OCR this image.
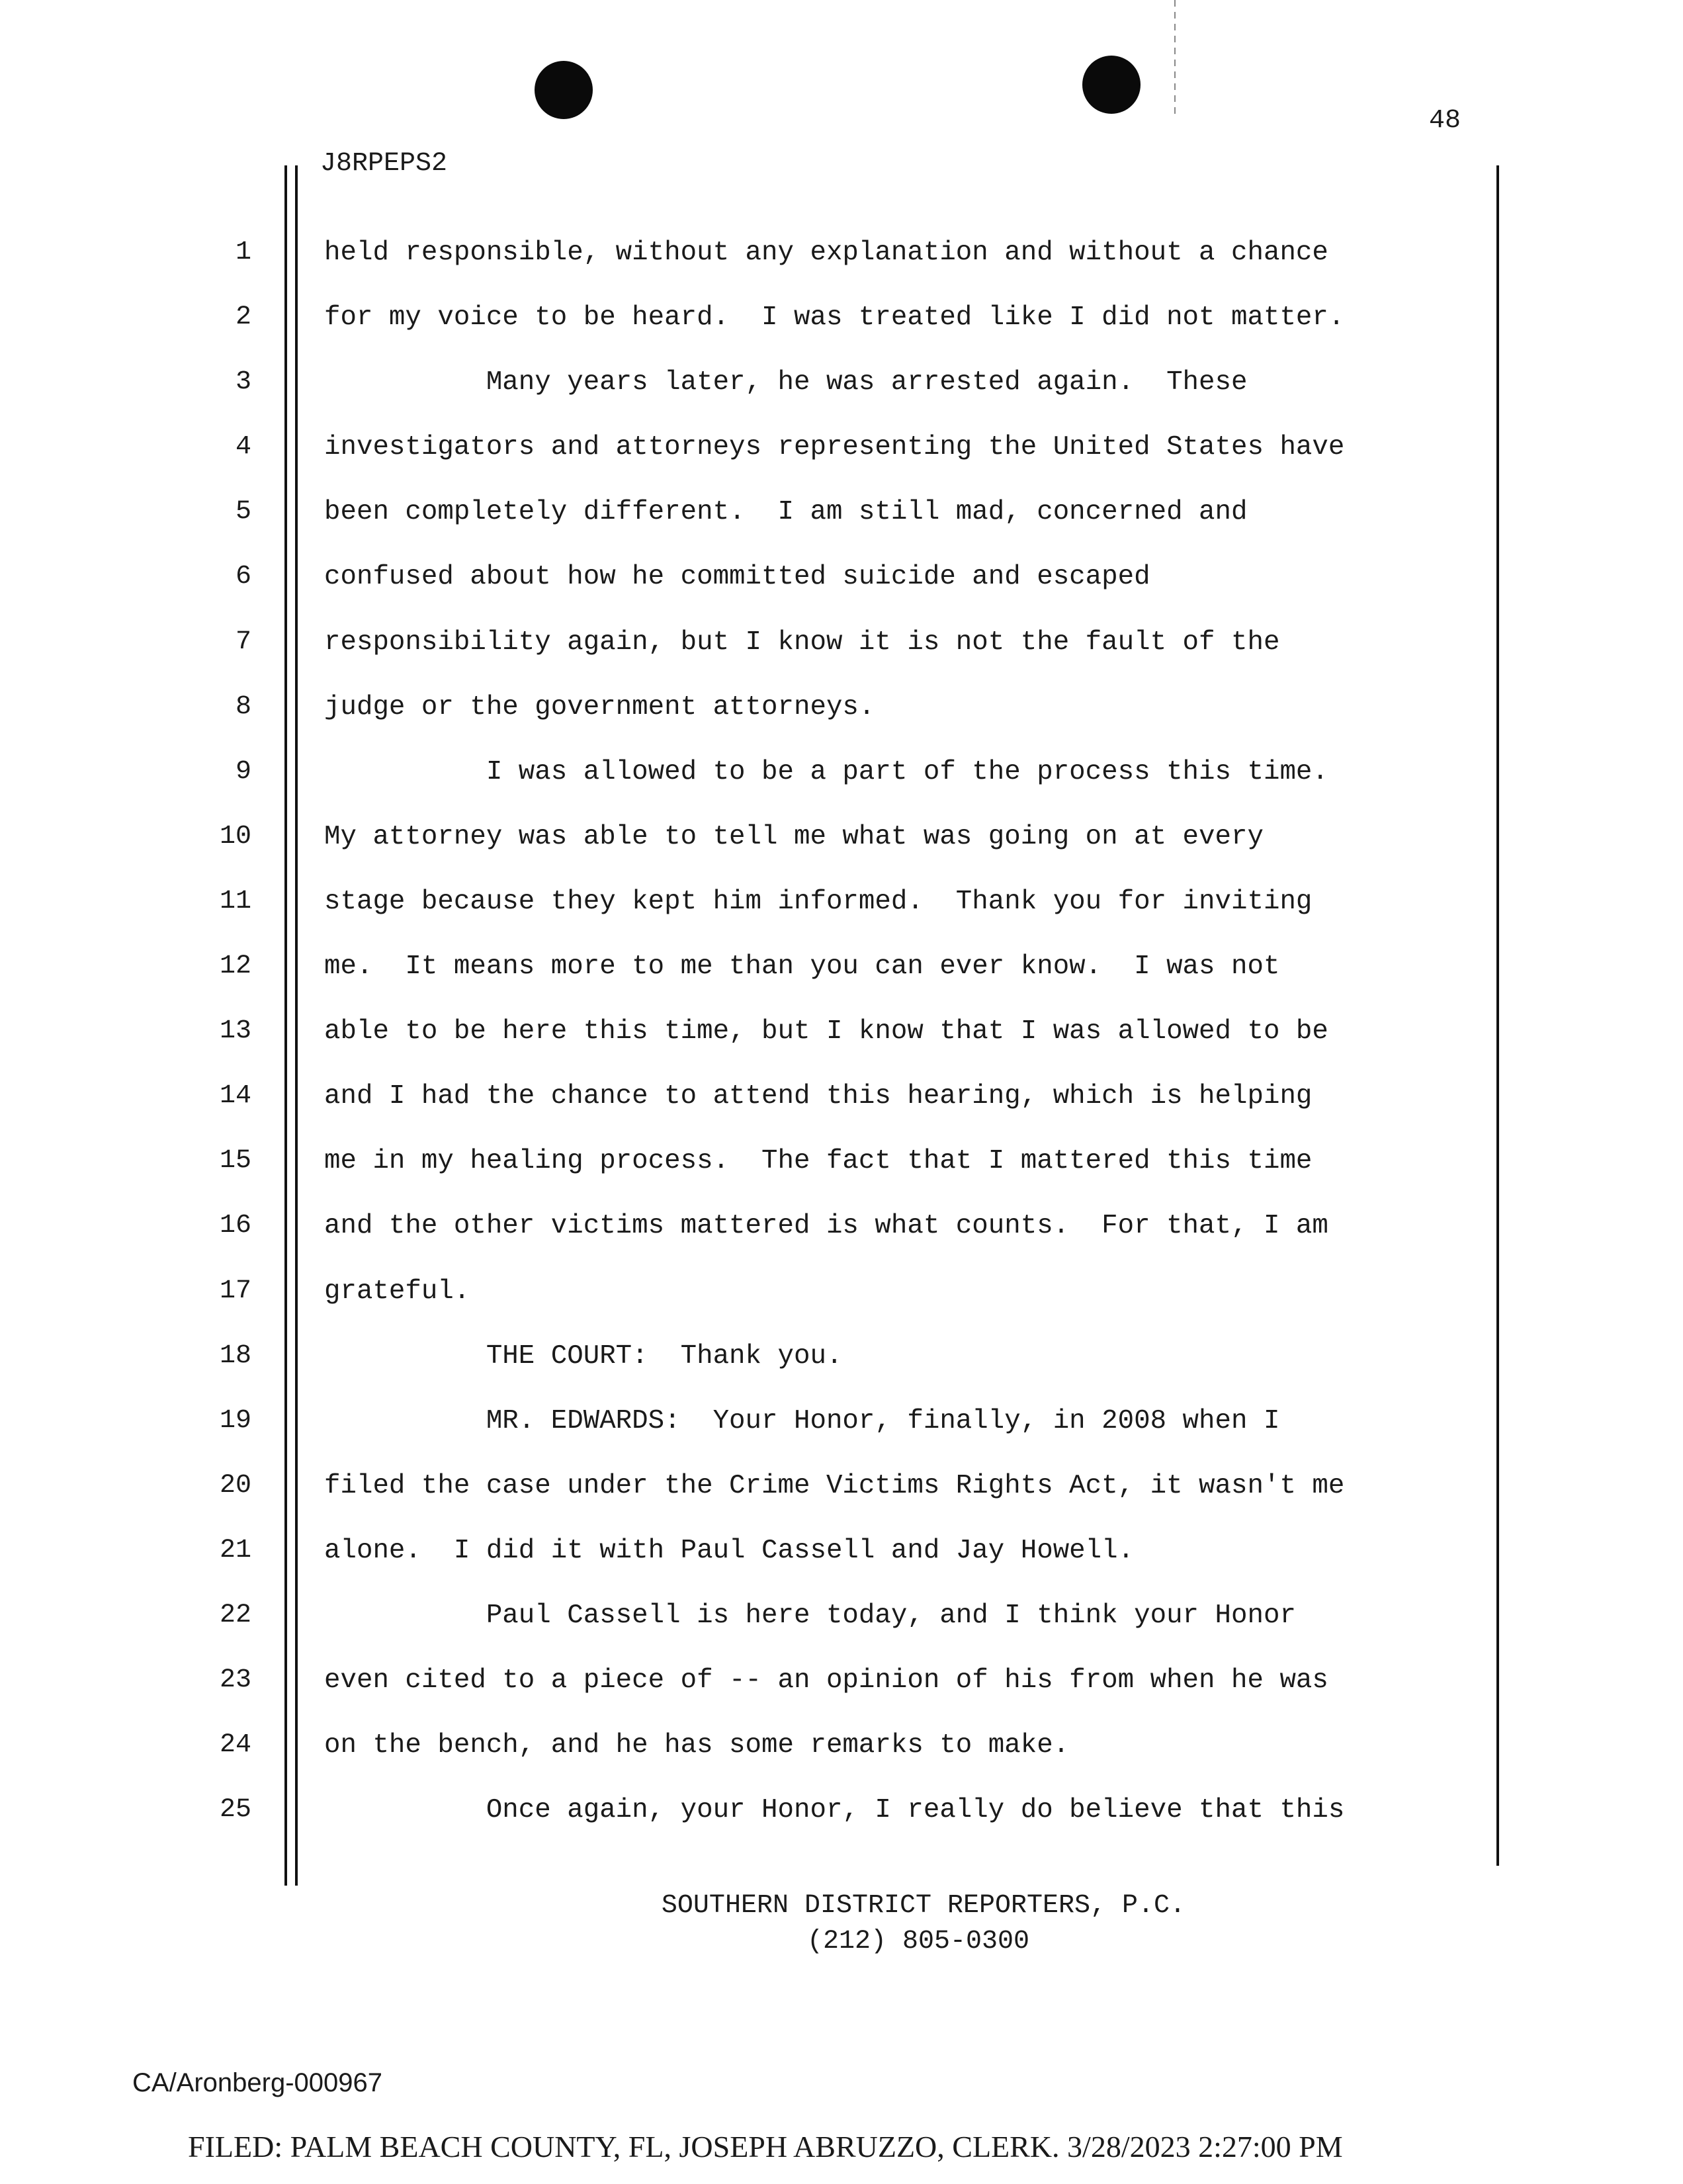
48
J8RPEPS2
1	held responsible, without any explanation and without a chance
2	for my voice to be heard.  I was treated like I did not matter.
3	Many years later, he was arrested again.  These
4	investigators and attorneys representing the United States have
5	been completely different.  I am still mad, concerned and
6	confused about how he committed suicide and escaped
7	responsibility again, but I know it is not the fault of the
8	judge or the government attorneys.
9	I was allowed to be a part of the process this time.
10	My attorney was able to tell me what was going on at every
11	stage because they kept him informed.  Thank you for inviting
12	me.  It means more to me than you can ever know.  I was not
13	able to be here this time, but I know that I was allowed to be
14	and I had the chance to attend this hearing, which is helping
15	me in my healing process.  The fact that I mattered this time
16	and the other victims mattered is what counts.  For that, I am
17	grateful.
18	THE COURT:  Thank you.
19	MR. EDWARDS:  Your Honor, finally, in 2008 when I
20	filed the case under the Crime Victims Rights Act, it wasn't me
21	alone.  I did it with Paul Cassell and Jay Howell.
22	Paul Cassell is here today, and I think your Honor
23	even cited to a piece of -- an opinion of his from when he was
24	on the bench, and he has some remarks to make.
25	Once again, your Honor, I really do believe that this
SOUTHERN DISTRICT REPORTERS, P.C.
(212) 805-0300
CA/Aronberg-000967
FILED: PALM BEACH COUNTY, FL, JOSEPH ABRUZZO, CLERK. 3/28/2023 2:27:00 PM
